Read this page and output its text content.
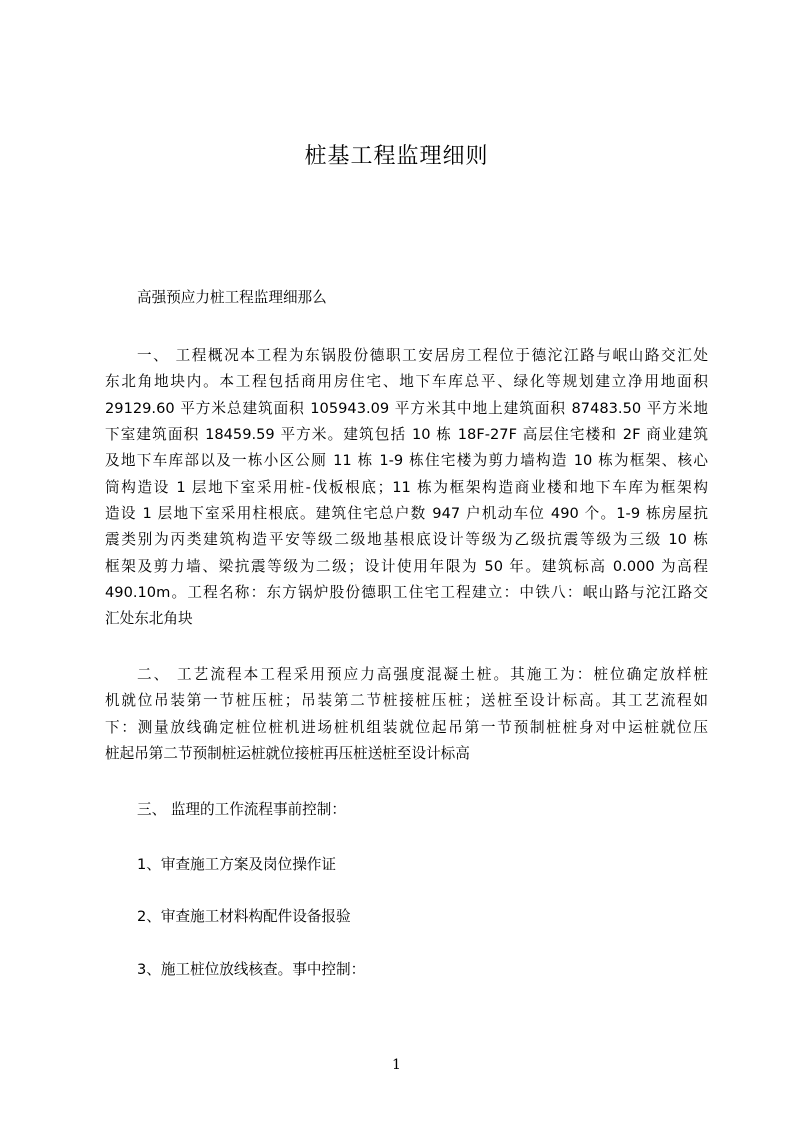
桩基工程监理细则
高强预应力桩工程监理细那么
一、 工程概况本工程为东锅股份德职工安居房工程位于德沱江路与岷山路交汇处
东北角地块内。本工程包括商用房住宅、地下车库总平、绿化等规划建立净用地面积
29129.60 平方米总建筑面积 105943.09 平方米其中地上建筑面积 87483.50 平方米地
下室建筑面积 18459.59 平方米。建筑包括 10 栋 18F-27F 高层住宅楼和 2F 商业建筑
及地下车库部以及一栋小区公厕 11 栋 1-9 栋住宅楼为剪力墙构造 10 栋为框架、核心
筒构造设 1 层地下室采用桩-伐板根底；11 栋为框架构造商业楼和地下车库为框架构
造设 1 层地下室采用柱根底。建筑住宅总户数 947 户机动车位 490 个。1-9 栋房屋抗
震类别为丙类建筑构造平安等级二级地基根底设计等级为乙级抗震等级为三级 10 栋
框架及剪力墙、梁抗震等级为二级；设计使用年限为 50 年。建筑标高 0.000 为高程
490.10m。工程名称：东方锅炉股份德职工住宅工程建立：中铁八：岷山路与沱江路交
汇处东北角块
二、 工艺流程本工程采用预应力高强度混凝土桩。其施工为：桩位确定放样桩
机就位吊装第一节桩压桩；吊装第二节桩接桩压桩；送桩至设计标高。其工艺流程如
下：测量放线确定桩位桩机进场桩机组装就位起吊第一节预制桩桩身对中运桩就位压
桩起吊第二节预制桩运桩就位接桩再压桩送桩至设计标高
三、 监理的工作流程事前控制：
1、审查施工方案及岗位操作证
2、审查施工材料构配件设备报验
3、施工桩位放线核查。事中控制：
1
